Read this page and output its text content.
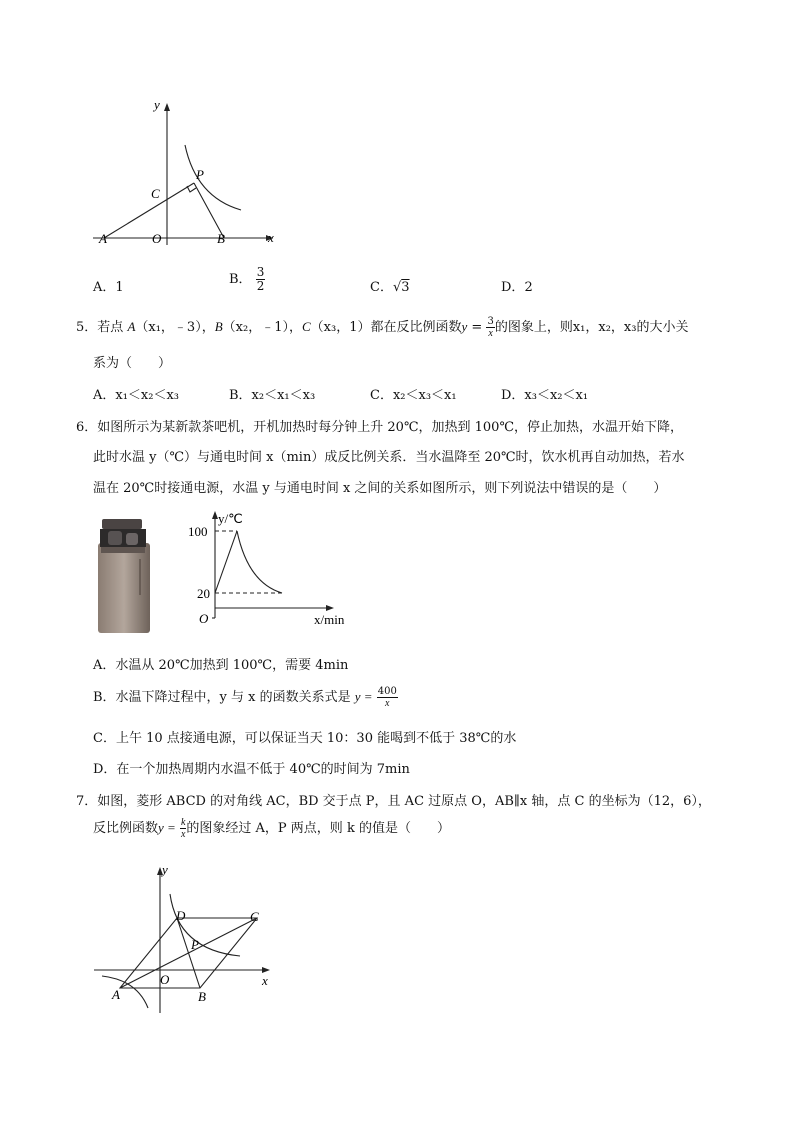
y
x
A	O	B
C
P
A．1
B． $\frac{3}{2}$	C．√3	D．2
5．若点 A（x₁，﹣3），B（x₂，﹣1），C（x₃，1）都在反比例函数$y = \frac{3}{x}$ 的图象上，则x₁，x₂，x₃的大小关
系为（　　）
A．x₁＜x₂＜x₃	B．x₂＜x₁＜x₃	C．x₂＜x₃＜x₁	D．x₃＜x₂＜x₁
6．如图所示为某新款茶吧机，开机加热时每分钟上升 20℃，加热到 100℃，停止加热，水温开始下降，
此时水温 y（℃）与通电时间 x（min）成反比例关系．当水温降至 20℃时，饮水机再自动加热，若水
温在 20℃时接通电源，水温 y 与通电时间 x 之间的关系如图所示，则下列说法中错误的是（　　）
y/℃
x/min
O
100
20
A．水温从 20℃加热到 100℃，需要 4min
B．水温下降过程中，y 与 x 的函数关系式是 $y = \frac{400}{x}$
C．上午 10 点接通电源，可以保证当天 10：30 能喝到不低于 38℃的水
D．在一个加热周期内水温不低于 40℃的时间为 7min
7．如图，菱形 ABCD 的对角线 AC，BD 交于点 P，且 AC 过原点 O，AB∥x 轴，点 C 的坐标为（12，6），
反比例函数$y = \frac{k}{x}$ 的图象经过 A，P 两点，则 k 的值是（　　）
y
x
A	B
C
D
P
O
